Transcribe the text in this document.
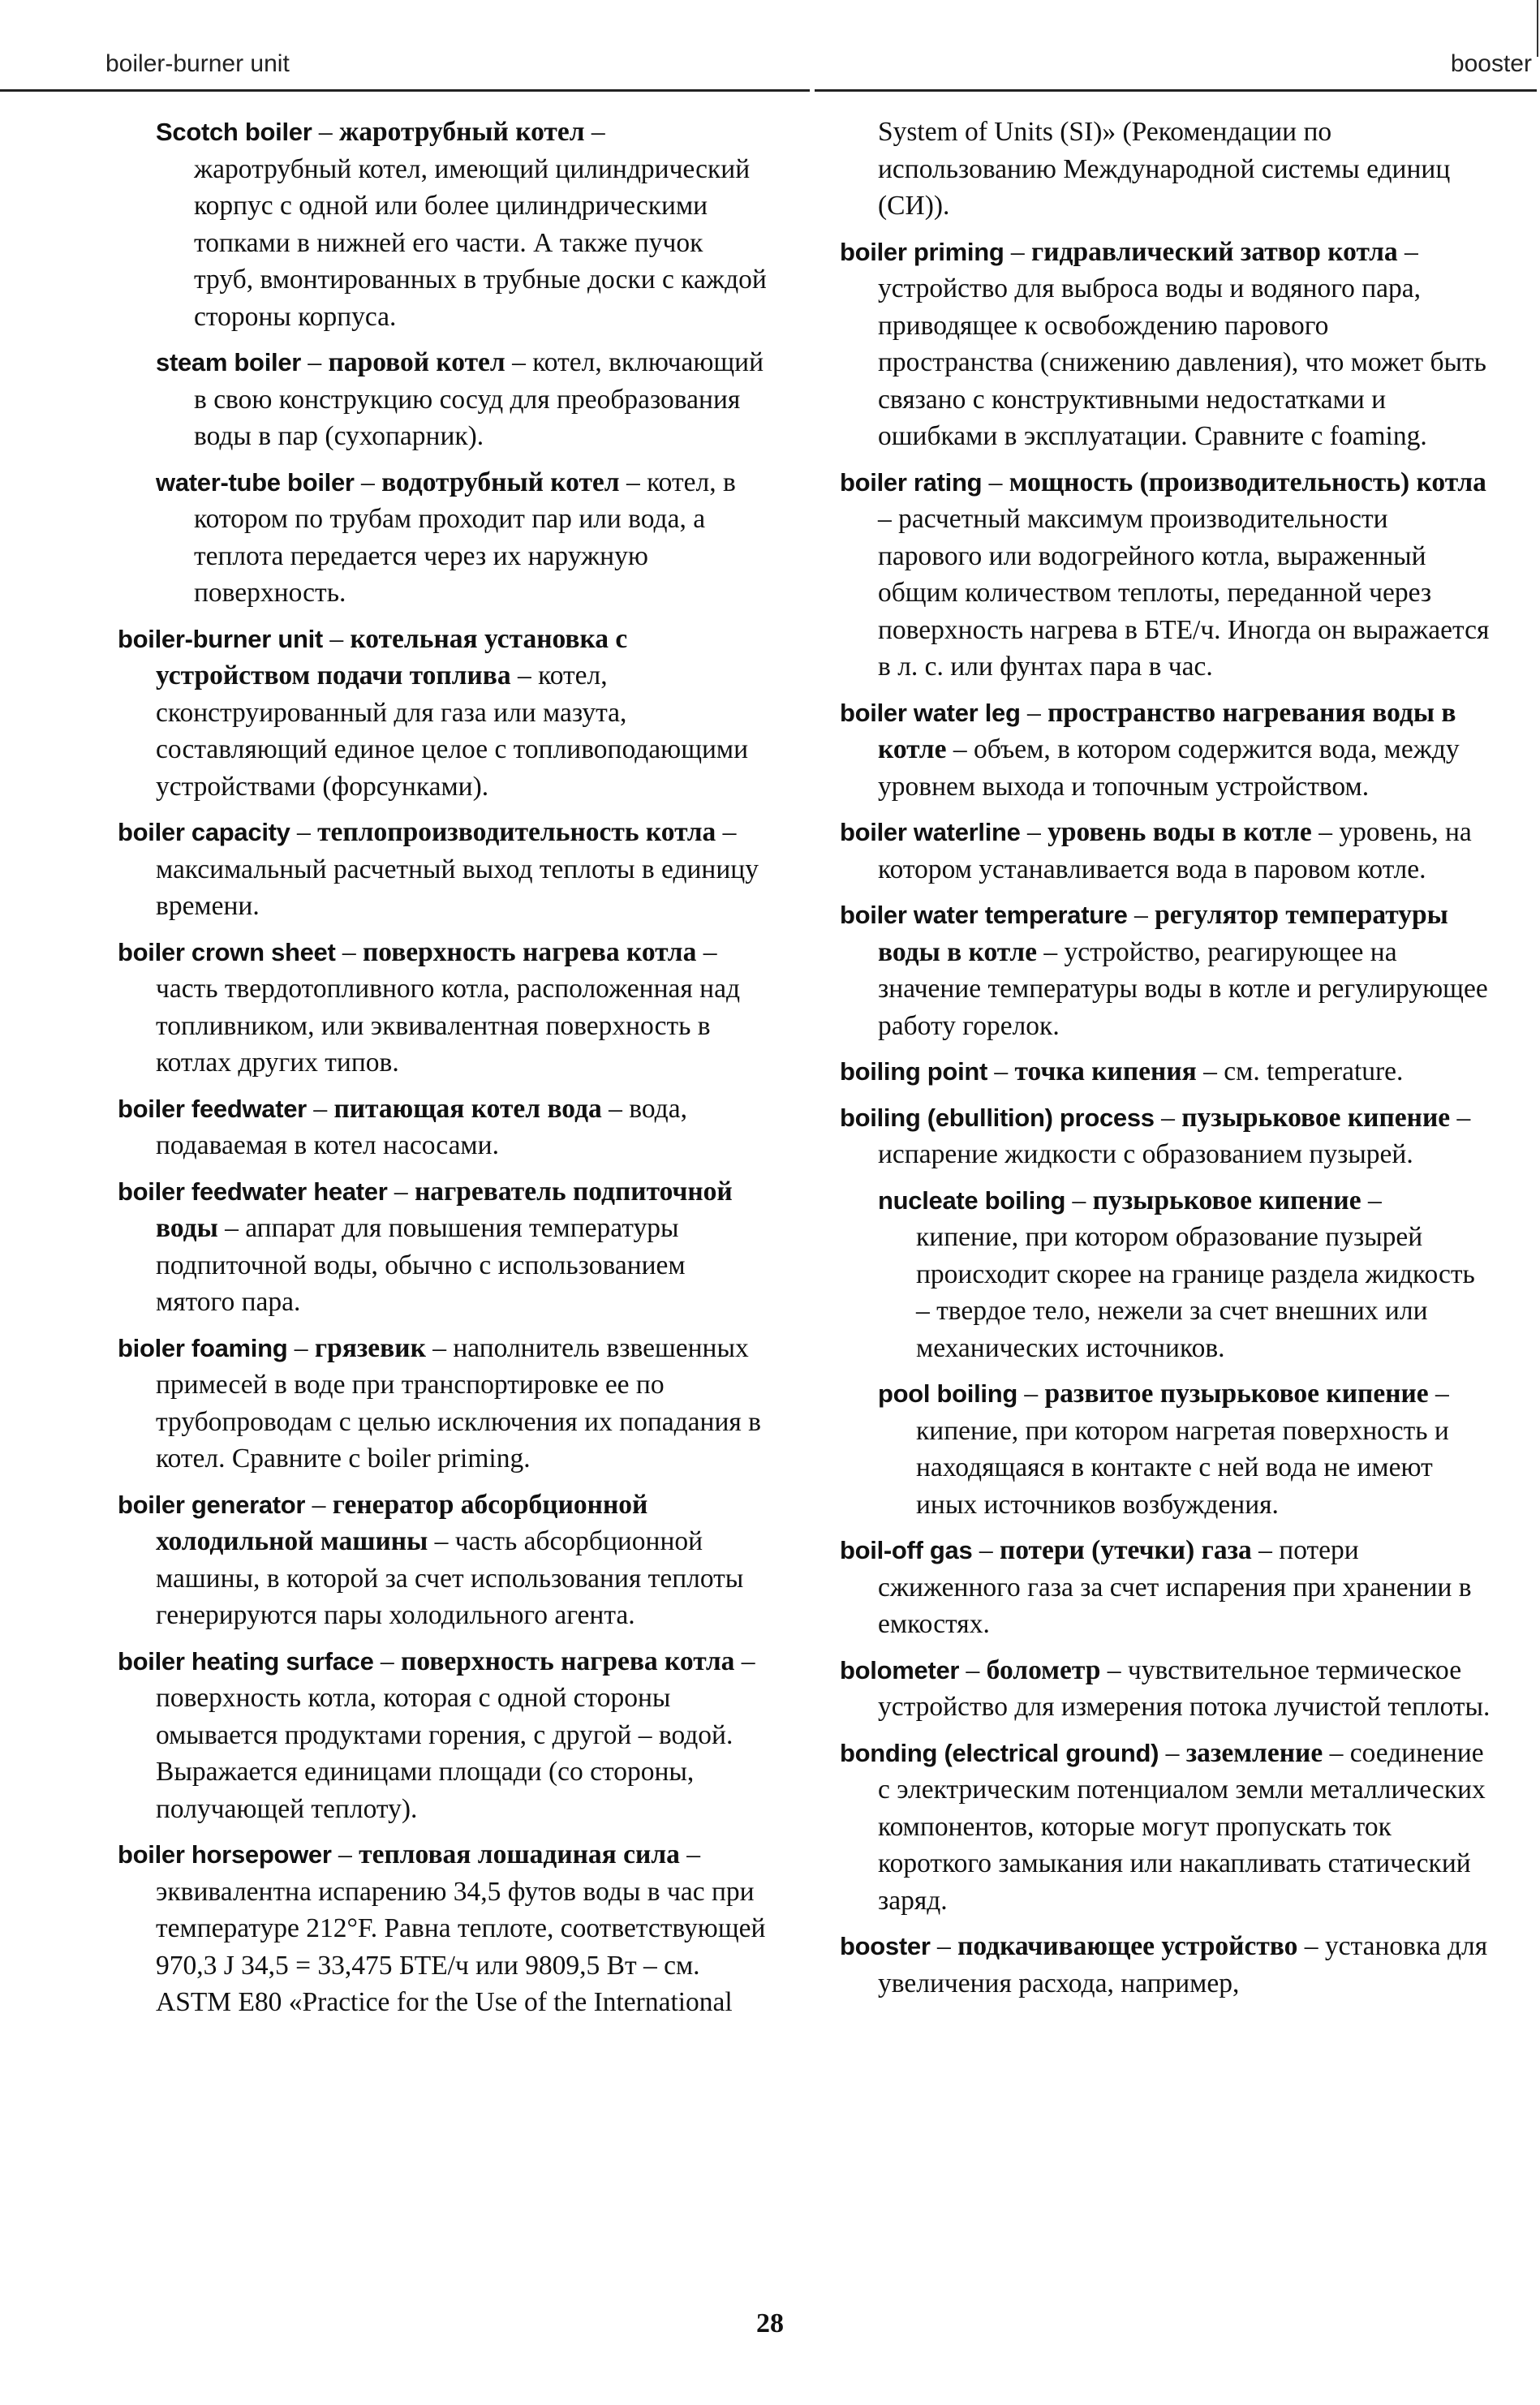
boiler-burner unit	booster

Scotch boiler – жаротрубный котел – жаротрубный котел, имеющий цилиндрический корпус с одной или более цилиндрическими топками в нижней его части. А также пучок труб, вмонтированных в трубные доски с каждой стороны корпуса.

steam boiler – паровой котел – котел, включающий в свою конструкцию сосуд для преобразования воды в пар (сухопарник).

water-tube boiler – водотрубный котел – котел, в котором по трубам проходит пар или вода, а теплота передается через их наружную поверхность.

boiler-burner unit – котельная установка с устройством подачи топлива – котел, сконструированный для газа или мазута, составляющий единое целое с топливоподающими устройствами (форсунками).

boiler capacity – теплопроизводительность котла – максимальный расчетный выход теплоты в единицу времени.

boiler crown sheet – поверхность нагрева котла – часть твердотопливного котла, расположенная над топливником, или эквивалентная поверхность в котлах других типов.

boiler feedwater – питающая котел вода – вода, подаваемая в котел насосами.

boiler feedwater heater – нагреватель подпиточной воды – аппарат для повышения температуры подпиточной воды, обычно с использованием мятого пара.

bioler foaming – грязевик – наполнитель взвешенных примесей в воде при транспортировке ее по трубопроводам с целью исключения их попадания в котел. Сравните с boiler priming.

boiler generator – генератор абсорбционной холодильной машины – часть абсорбционной машины, в которой за счет использования теплоты генерируются пары холодильного агента.

boiler heating surface – поверхность нагрева котла – поверхность котла, которая с одной стороны омывается продуктами горения, с другой – водой. Выражается единицами площади (со стороны, получающей теплоту).

boiler horsepower – тепловая лошадиная сила – эквивалентна испарению 34,5 футов воды в час при температуре 212°F. Равна теплоте, соответствующей 970,3 J 34,5 = 33,475 БТЕ/ч или 9809,5 Вт – см. ASTM E80 «Practice for the Use of the International

System of Units (SI)» (Рекомендации по использованию Международной системы единиц (СИ)).

boiler priming – гидравлический затвор котла – устройство для выброса воды и водяного пара, приводящее к освобождению парового пространства (снижению давления), что может быть связано с конструктивными недостатками и ошибками в эксплуатации. Сравните с foaming.

boiler rating – мощность (производительность) котла – расчетный максимум производительности парового или водогрейного котла, выраженный общим количеством теплоты, переданной через поверхность нагрева в БТЕ/ч. Иногда он выражается в л. с. или фунтах пара в час.

boiler water leg – пространство нагревания воды в котле – объем, в котором содержится вода, между уровнем выхода и топочным устройством.

boiler waterline – уровень воды в котле – уровень, на котором устанавливается вода в паровом котле.

boiler water temperature – регулятор температуры воды в котле – устройство, реагирующее на значение температуры воды в котле и регулирующее работу горелок.

boiling point – точка кипения – см. temperature.

boiling (ebullition) process – пузырьковое кипение – испарение жидкости с образованием пузырей.

nucleate boiling – пузырьковое кипение – кипение, при котором образование пузырей происходит скорее на границе раздела жидкость – твердое тело, нежели за счет внешних или механических источников.

pool boiling – развитое пузырьковое кипение – кипение, при котором нагретая поверхность и находящаяся в контакте с ней вода не имеют иных источников возбуждения.

boil-off gas – потери (утечки) газа – потери сжиженного газа за счет испарения при хранении в емкостях.

bolometer – болометр – чувствительное термическое устройство для измерения потока лучистой теплоты.

bonding (electrical ground) – заземление – соединение с электрическим потенциалом земли металлических компонентов, которые могут пропускать ток короткого замыкания или накапливать статический заряд.

booster – подкачивающее устройство – установка для увеличения расхода, например,

28
